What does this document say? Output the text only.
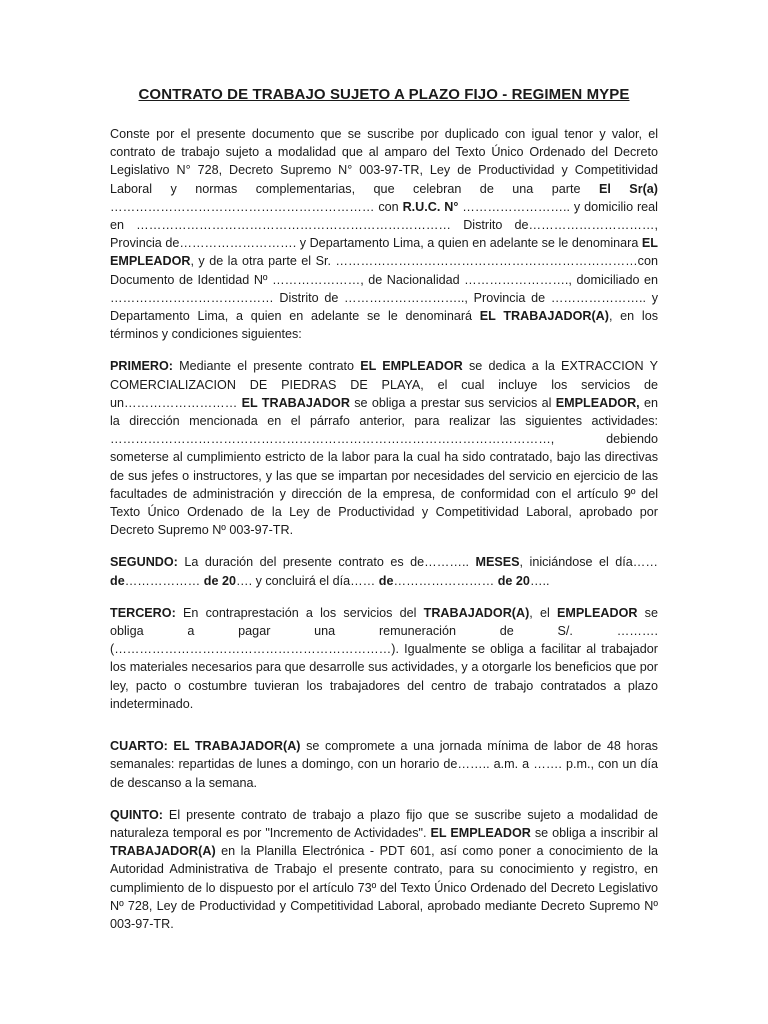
CONTRATO DE TRABAJO SUJETO A PLAZO FIJO - REGIMEN MYPE

Conste por el presente documento que se suscribe por duplicado con igual tenor y valor, el contrato de trabajo sujeto a modalidad que al amparo del Texto Único Ordenado del Decreto Legislativo N° 728, Decreto Supremo N° 003-97-TR, Ley de Productividad y Competitividad Laboral y normas complementarias, que celebran de una parte El Sr(a) ……………………………………………………… con R.U.C. N° …………………….. y domicilio real en ………………………………………………………………… Distrito de…………………………, Provincia de………………………. y Departamento Lima, a quien en adelante se le denominara EL EMPLEADOR, y de la otra parte el Sr. ………………………………………………………………con Documento de Identidad Nº …………………, de Nacionalidad ……………………., domiciliado en ………………………………… Distrito de ……………………….., Provincia de ………………….. y Departamento Lima, a quien en adelante se le denominará EL TRABAJADOR(A), en los términos y condiciones siguientes:

PRIMERO: Mediante el presente contrato EL EMPLEADOR se dedica a la EXTRACCION Y COMERCIALIZACION DE PIEDRAS DE PLAYA, el cual incluye los servicios de un……………………… EL TRABAJADOR se obliga a prestar sus servicios al EMPLEADOR, en la dirección mencionada en el párrafo anterior, para realizar las siguientes actividades: ……………………………………………………………………………………………, debiendo someterse al cumplimiento estricto de la labor para la cual ha sido contratado, bajo las directivas de sus jefes o instructores, y las que se impartan por necesidades del servicio en ejercicio de las facultades de administración y dirección de la empresa, de conformidad con el artículo 9º del Texto Único Ordenado de la Ley de Productividad y Competitividad Laboral, aprobado por Decreto Supremo Nº 003-97-TR.

SEGUNDO: La duración del presente contrato es de……….. MESES, iniciándose el día…… de……………… de 20…. y concluirá el día…… de…………………… de 20…..

TERCERO: En contraprestación a los servicios del TRABAJADOR(A), el EMPLEADOR se obliga a pagar una remuneración de S/. ………. (…………………………………………………………). Igualmente se obliga a facilitar al trabajador los materiales necesarios para que desarrolle sus actividades, y a otorgarle los beneficios que por ley, pacto o costumbre tuvieran los trabajadores del centro de trabajo contratados a plazo indeterminado.

CUARTO: EL TRABAJADOR(A) se compromete a una jornada mínima de labor de 48 horas semanales: repartidas de lunes a domingo, con un horario de…….. a.m. a ……. p.m., con un día de descanso a la semana.

QUINTO: El presente contrato de trabajo a plazo fijo que se suscribe sujeto a modalidad de naturaleza temporal es por "Incremento de Actividades". EL EMPLEADOR se obliga a inscribir al TRABAJADOR(A) en la Planilla Electrónica - PDT 601, así como poner a conocimiento de la Autoridad Administrativa de Trabajo el presente contrato, para su conocimiento y registro, en cumplimiento de lo dispuesto por el artículo 73º del Texto Único Ordenado del Decreto Legislativo Nº 728, Ley de Productividad y Competitividad Laboral, aprobado mediante Decreto Supremo Nº 003-97-TR.
